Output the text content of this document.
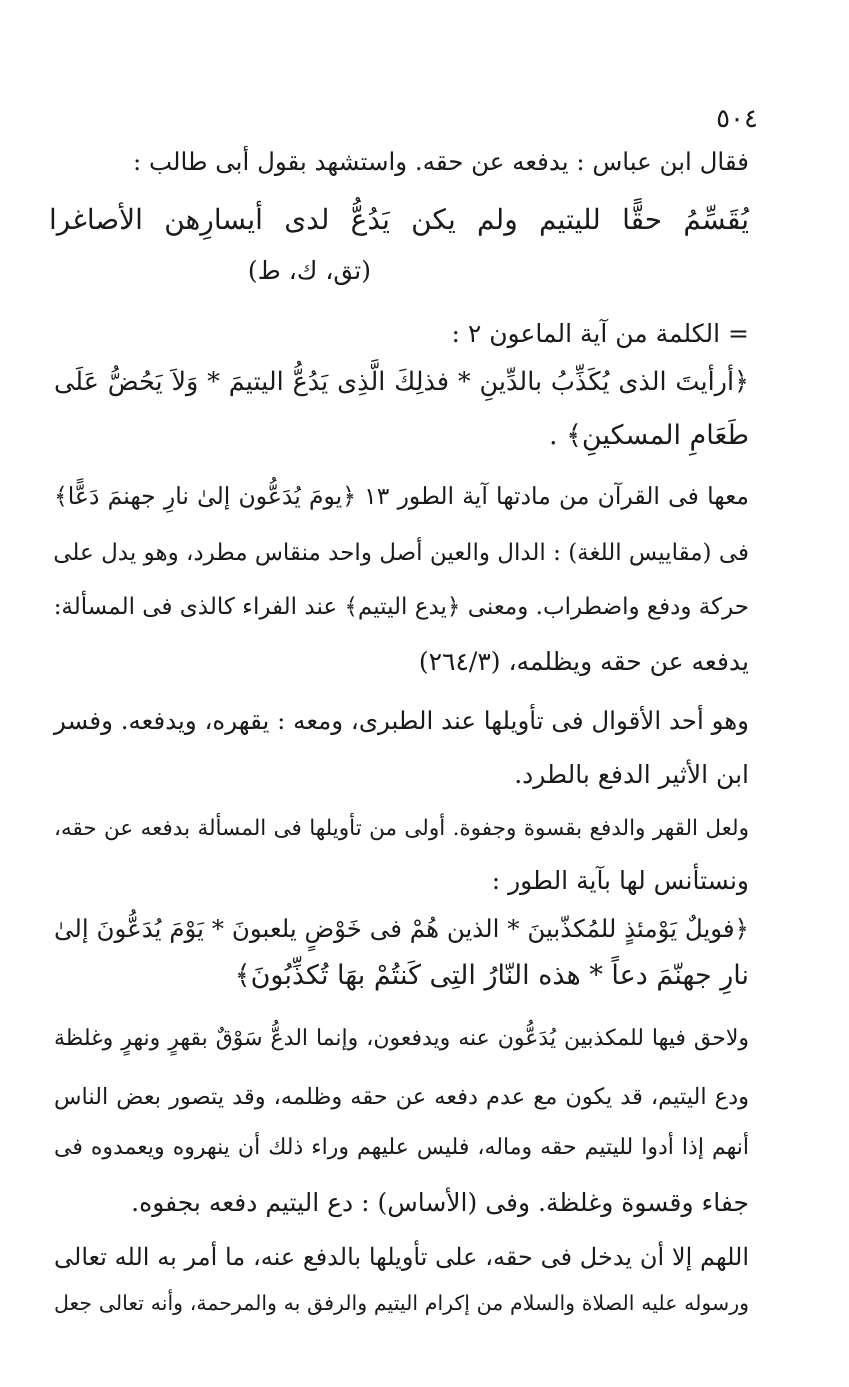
٥٠٤
فقال ابن عباس : يدفعه عن حقه. واستشهد بقول أبى طالب :
يُقَسِّمُ حقًّا لليتيم ولم يكن يَدُعُّ لدى أيسارِهن الأصاغرا
(تق، ك، ط)
= الكلمة من آية الماعون ٢ :
﴿أرأيتَ الذى يُكَذِّبُ بالدِّينِ * فذلِكَ الَّذِى يَدُعُّ اليتيمَ * وَلاَ يَحُضُّ عَلَى
طَعَامِ المسكينِ﴾ .
معها فى القرآن من مادتها آية الطور ١٣ ﴿يومَ يُدَعُّون إلىٰ نارِ جهنمَ دَعًّا﴾
فى (مقاييس اللغة) : الدال والعين أصل واحد منقاس مطرد، وهو يدل على
حركة ودفع واضطراب. ومعنى ﴿يدع اليتيم﴾ عند الفراء كالذى فى المسألة:
يدفعه عن حقه ويظلمه، (٢٦٤/٣)
وهو أحد الأقوال فى تأويلها عند الطبرى، ومعه : يقهره، ويدفعه. وفسر
ابن الأثير الدفع بالطرد.
ولعل القهر والدفع بقسوة وجفوة. أولى من تأويلها فى المسألة بدفعه عن حقه،
ونستأنس لها بآية الطور :
﴿فويلٌ يَوْمئذٍ للمُكذّبينَ * الذين هُمْ فى خَوْضٍ يلعبونَ * يَوْمَ يُدَعُّونَ إلىٰ
نارِ جهنّمَ دعاً * هذه النّارُ التِى كَنتُمْ بهَا تُكذِّبُونَ﴾
ولاحق فيها للمكذبين يُدَعُّون عنه ويدفعون، وإنما الدعُّ سَوْقٌ بقهرٍ ونهرٍ وغلظة
ودع اليتيم، قد يكون مع عدم دفعه عن حقه وظلمه، وقد يتصور بعض الناس
أنهم إذا أدوا لليتيم حقه وماله، فليس عليهم وراء ذلك أن ينهروه ويعمدوه فى
جفاء وقسوة وغلظة. وفى (الأساس) : دع اليتيم دفعه بجفوه.
اللهم إلا أن يدخل فى حقه، على تأويلها بالدفع عنه، ما أمر به الله تعالى
ورسوله عليه الصلاة والسلام من إكرام اليتيم والرفق به والمرحمة، وأنه تعالى جعل
